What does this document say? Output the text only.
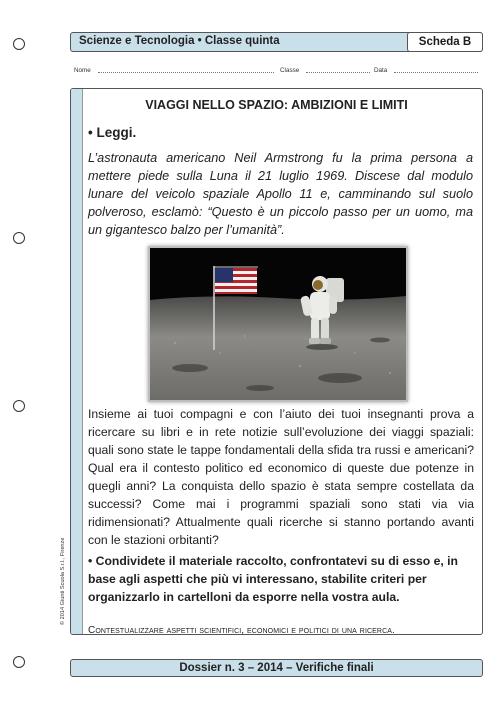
Scienze e Tecnologia • Classe quinta	Scheda B
Nome	Classe	Data
VIAGGI NELLO SPAZIO: AMBIZIONI E LIMITI
• Leggi.
L’astronauta americano Neil Armstrong fu la prima persona a mettere piede sulla Luna il 21 luglio 1969. Discese dal modulo lunare del veicolo spaziale Apollo 11 e, camminando sul suolo polveroso, esclamò: “Questo è un piccolo passo per un uomo, ma un gigantesco balzo per l’umanità”.
Insieme ai tuoi compagni e con l’aiuto dei tuoi insegnanti prova a ricercare su libri e in rete notizie sull’evoluzione dei viaggi spaziali: quali sono state le tappe fondamentali della sfida tra russi e americani? Qual era il contesto politico ed economico di queste due potenze in quegli anni? La conquista dello spazio è stata sempre costellata da successi? Come mai i programmi spaziali sono stati via via ridimensionati? Attualmente quali ricerche si stanno portando avanti con le stazioni orbitanti?
• Condividete il materiale raccolto, confrontatevi su di esso e, in base agli aspetti che più vi interessano, stabilite criteri per organizzarlo in cartelloni da esporre nella vostra aula.
Contestualizzare aspetti scientifici, economici e politici di una ricerca.
Dossier n. 3 – 2014 – Verifiche finali
© 2014 Giunti Scuola S.r.l., Firenze
